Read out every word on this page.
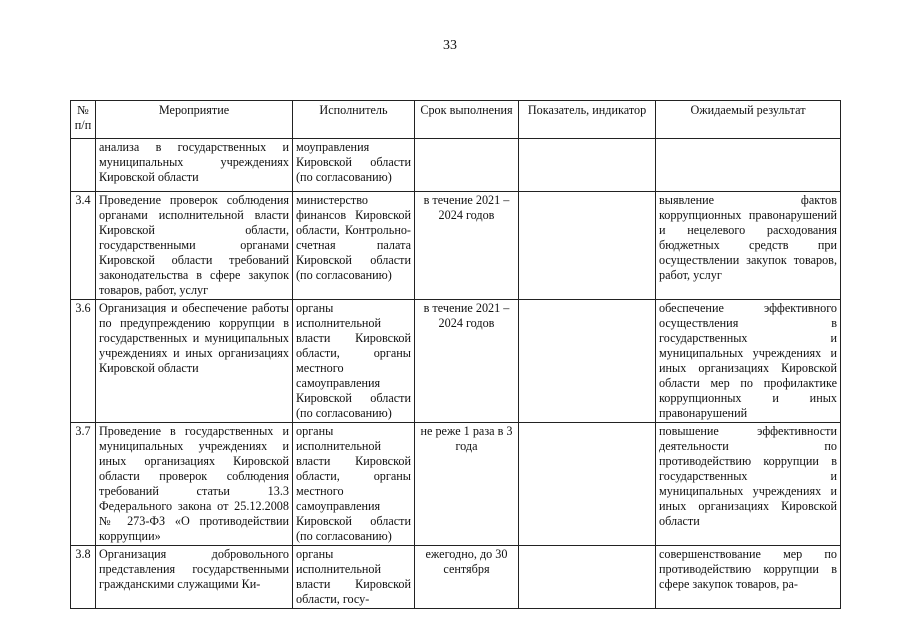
33
№ п/п	Мероприятие	Исполнитель	Срок выполнения	Показатель, индикатор	Ожидаемый результат
	анализа в государственных и муниципальных учреждениях Кировской области	моуправления Кировской области (по согласованию)			
3.4	Проведение проверок соблюдения органами исполнительной власти Кировской области, государственными органами Кировской области требований законодательства в сфере закупок товаров, работ, услуг	министерство финансов Кировской области, Контрольно-счетная палата Кировской области (по согласованию)	в течение 2021 – 2024 годов		выявление фактов коррупционных правонарушений и нецелевого расходования бюджетных средств при осуществлении закупок товаров, работ, услуг
3.6	Организация и обеспечение работы по предупреждению коррупции в государственных и муниципальных учреждениях и иных организациях Кировской области	органы исполнительной власти Кировской области, органы местного самоуправления Кировской области (по согласованию)	в течение 2021 – 2024 годов		обеспечение эффективного осуществления в государственных и муниципальных учреждениях и иных организациях Кировской области мер по профилактике коррупционных и иных правонарушений
3.7	Проведение в государственных и муниципальных учреждениях и иных организациях Кировской области проверок соблюдения требований статьи 13.3 Федерального закона от 25.12.2008 № 273-ФЗ «О противодействии коррупции»	органы исполнительной власти Кировской области, органы местного самоуправления Кировской области (по согласованию)	не реже 1 раза в 3 года		повышение эффективности деятельности по противодействию коррупции в государственных и муниципальных учреждениях и иных организациях Кировской области
3.8	Организация добровольного представления государственными гражданскими служащими Ки-	органы исполнительной власти Кировской области, госу-	ежегодно, до 30 сентября		совершенствование мер по противодействию коррупции в сфере закупок товаров, ра-
